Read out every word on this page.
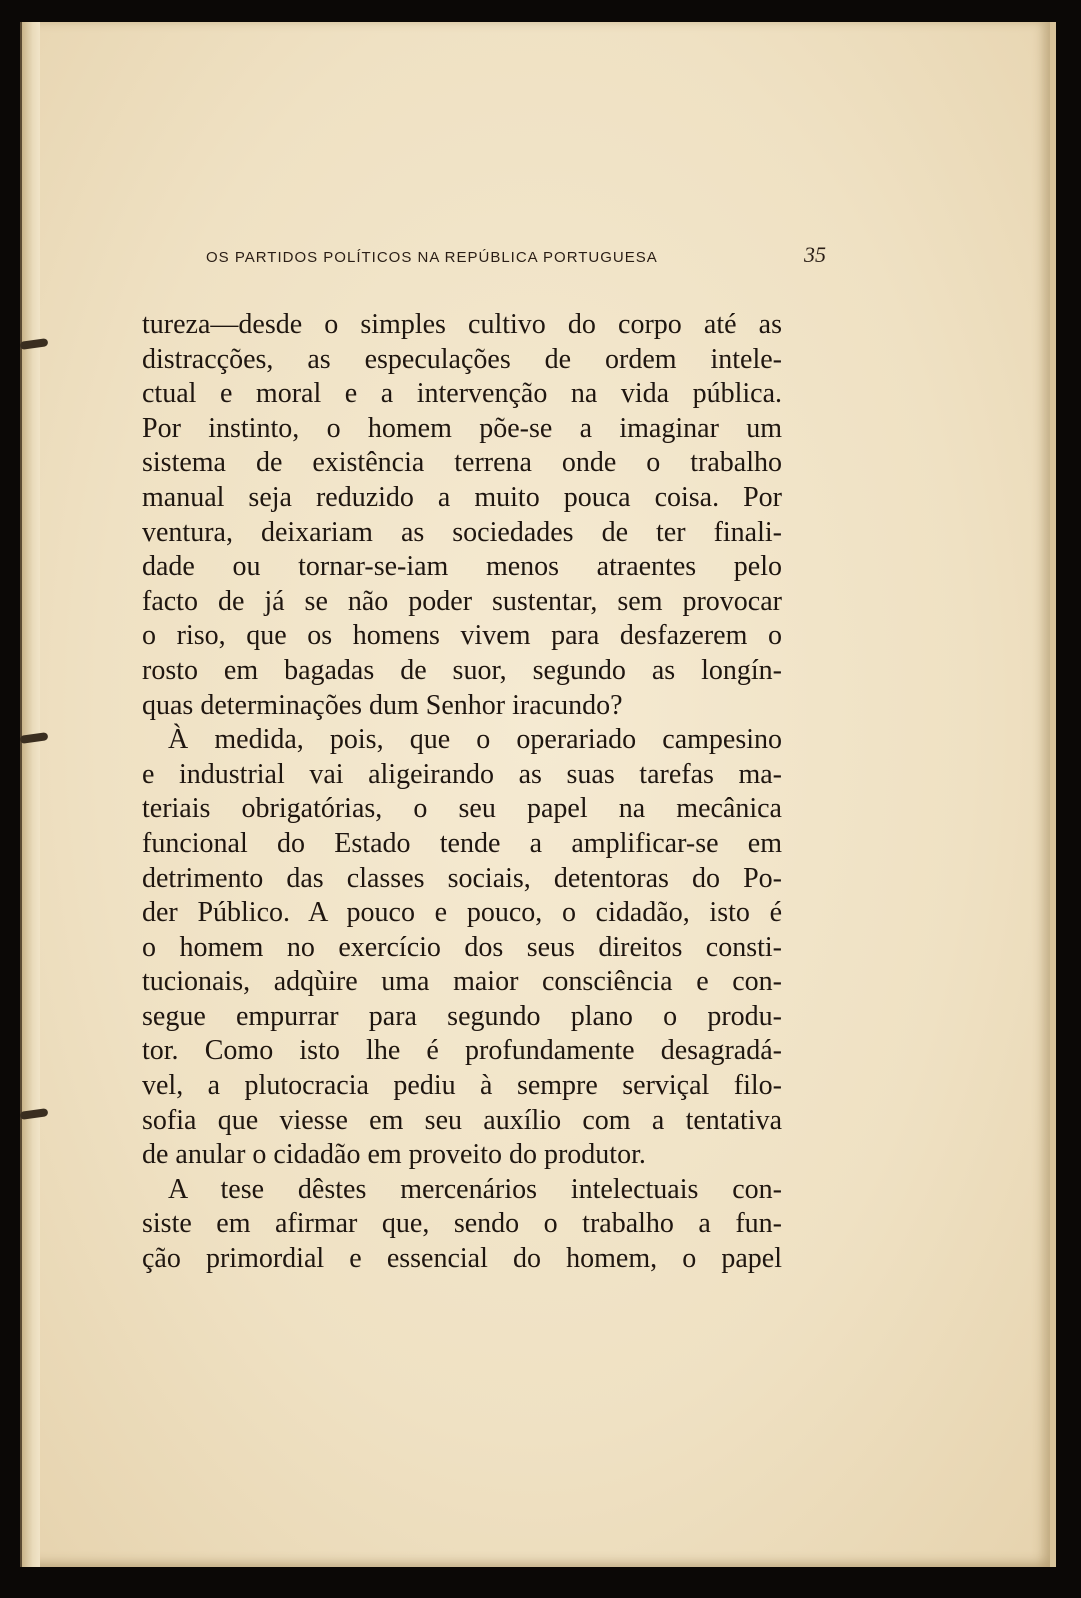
OS PARTIDOS POLÍTICOS NA REPÚBLICA PORTUGUESA	35
tureza—desde o simples cultivo do corpo até as
distracções, as especulações de ordem intele-
ctual e moral e a intervenção na vida pública.
Por instinto, o homem põe-se a imaginar um
sistema de existência terrena onde o trabalho
manual seja reduzido a muito pouca coisa. Por
ventura, deixariam as sociedades de ter finali-
dade ou tornar-se-iam menos atraentes pelo
facto de já se não poder sustentar, sem provocar
o riso, que os homens vivem para desfazerem o
rosto em bagadas de suor, segundo as longín-
quas determinações dum Senhor iracundo?
À medida, pois, que o operariado campesino
e industrial vai aligeirando as suas tarefas ma-
teriais obrigatórias, o seu papel na mecânica
funcional do Estado tende a amplificar-se em
detrimento das classes sociais, detentoras do Po-
der Público. A pouco e pouco, o cidadão, isto é
o homem no exercício dos seus direitos consti-
tucionais, adqùire uma maior consciência e con-
segue empurrar para segundo plano o produ-
tor. Como isto lhe é profundamente desagradá-
vel, a plutocracia pediu à sempre serviçal filo-
sofia que viesse em seu auxílio com a tentativa
de anular o cidadão em proveito do produtor.
A tese dêstes mercenários intelectuais con-
siste em afirmar que, sendo o trabalho a fun-
ção primordial e essencial do homem, o papel
